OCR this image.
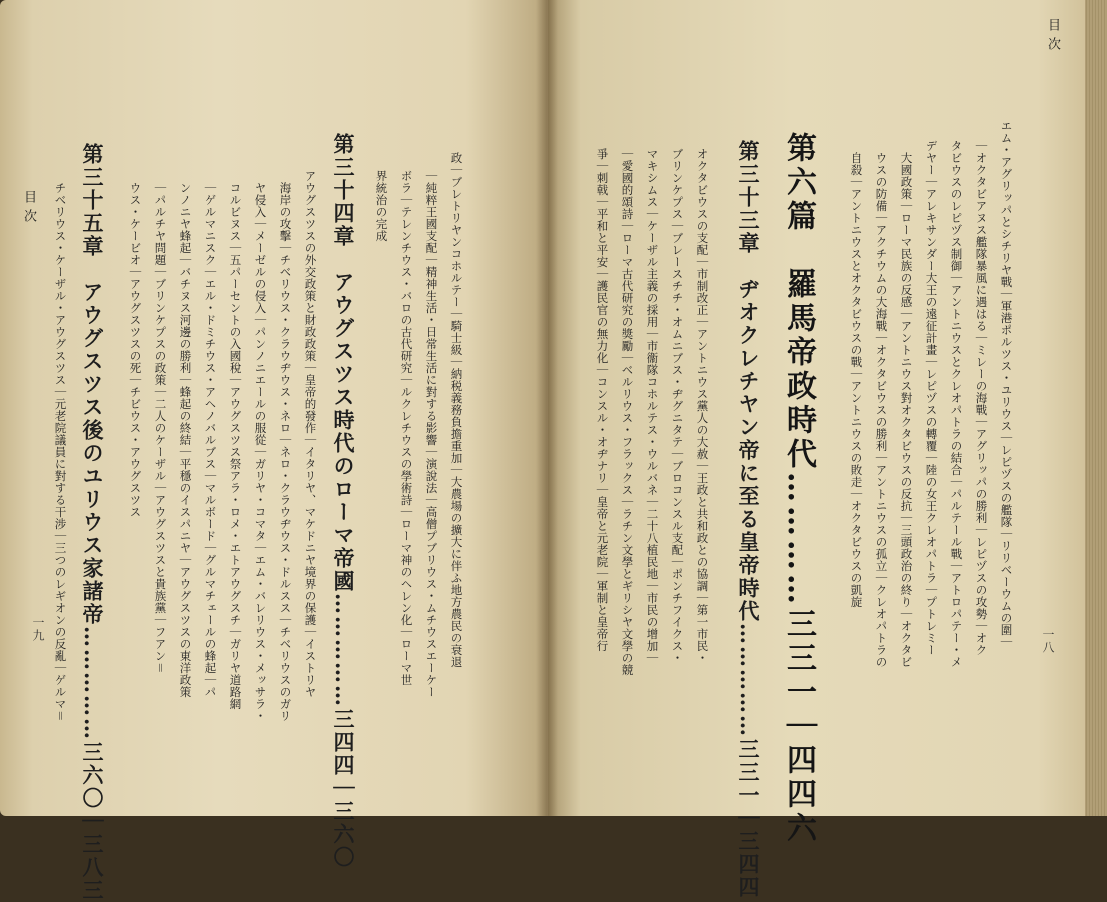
目次 チベリウス・ケーザル・アウグスツス｜元老院議員に對する干涉｜三つのレギオンの反亂｜ゲルマ＝ 第三十五章　アウグスツス後のユリウス家諸帝……………三六〇｜三八三 ウス・ケービオ｜アウグスツスの死｜チビウス・アウグスツス ｜パルチヤ問題｜ブリンケプスの政策｜二人のケーザル｜アウグスツスと貴族黨｜フアン＝ ンノニヤ蜂起｜バチヌス河邊の勝利｜蜂起の終結｜平穩のイスパニヤ｜アウグスツスの東洋政策 ｜ゲルマニスク｜エル・ドミチウス・アヘノバルブス｜マルボード｜グルマチェールの蜂起｜パ コルビヌス｜五パーセントの入國稅｜アウグスツス祭アラ・ロメ・エトアウグスチ｜ガリヤ道路網 ヤ侵入｜メーゼルの侵入｜パンノニエールの服從｜ガリヤ・コマタ｜エム・バレリウス・メッサラ・ 海岸の攻擊｜チベリウス・クラウヂウス・ネロ｜ネロ・クラウヂウス・ドルスス｜チベリウスのガリ アウグスツスの外交政策と財政政策｜皇帝的發作｜イタリヤ、マケドニヤ境界の保護｜イストリヤ 第三十四章　アウグスツス時代のローマ帝國……………三四四｜三六〇 界統治の完成 ボラ｜テレンチウス・バロの古代研究｜ルクレチウスの學術詩｜ローマ神のヘレン化｜ローマ世 ｜純粹王國支配｜精神生活・日常生活に對する影響｜演說法｜高僧プブリウス・ムチウスエーケー 政｜ブレトリヤンコホルテー｜騎士級｜納税義務負擔重加｜大農場の擴大に伴ふ地方農民の衰退
一九	爭｜刺戟｜平和と平安｜護民官の無力化｜コンスル・オヂナリ｜皇帝と元老院｜軍制と皇帝行 ｜愛國的頌詩｜ローマ古代研究の獎勵｜ベルリウス・フラックス｜ラチン文學とギリシヤ文學の競 マキシムス｜ケーザル主義の採用｜市衞隊コホルテス・ウルバネ｜二十八植民地｜市民の增加｜ ブリンケプス｜ブレースチチ・オムニブス・ヂグニタテ｜ブロコンスル支配｜ポンチフイクス・ オクタビウスの支配｜市制改正｜アントニウス黨人の大赦｜王政と共和政との協調｜第一市民・ 第三十三章　ヂオクレチヤン帝に至る皇帝時代……………三三一｜三四四 第六篇　羅馬帝政時代…………三三一｜四四六	自殺｜アントニウスとオクタビウスの戰｜アントニウスの敗走｜オクタビウスの凱旋 ウスの防備｜アクチウムの大海戰｜オクタビウスの勝利｜アントニウスの孤立｜クレオパトラの 大國政策｜ローマ民族の反感｜アントニウス對オクタビウスの反抗｜三頭政治の終り｜オクタビ デヤー｜アレキサンダー大王の遠征計畫｜レピヅスの轉覆｜陸の女王クレオパトラ｜プトレミー タビウスのレピヅス制御｜アントニウスとクレオパトラの結合｜パルテール戰｜アトロパテー・メ ｜オクタビアヌス艦隊暴風に遇はる｜ミレーの海戰｜アグリッパの勝利｜レピヅスの攻勢｜オク エム・アグリッパとシチリヤ戰｜軍港ポルツス・ユリウス｜レピヅスの艦隊｜リリベーウムの圍｜
目次
一八
